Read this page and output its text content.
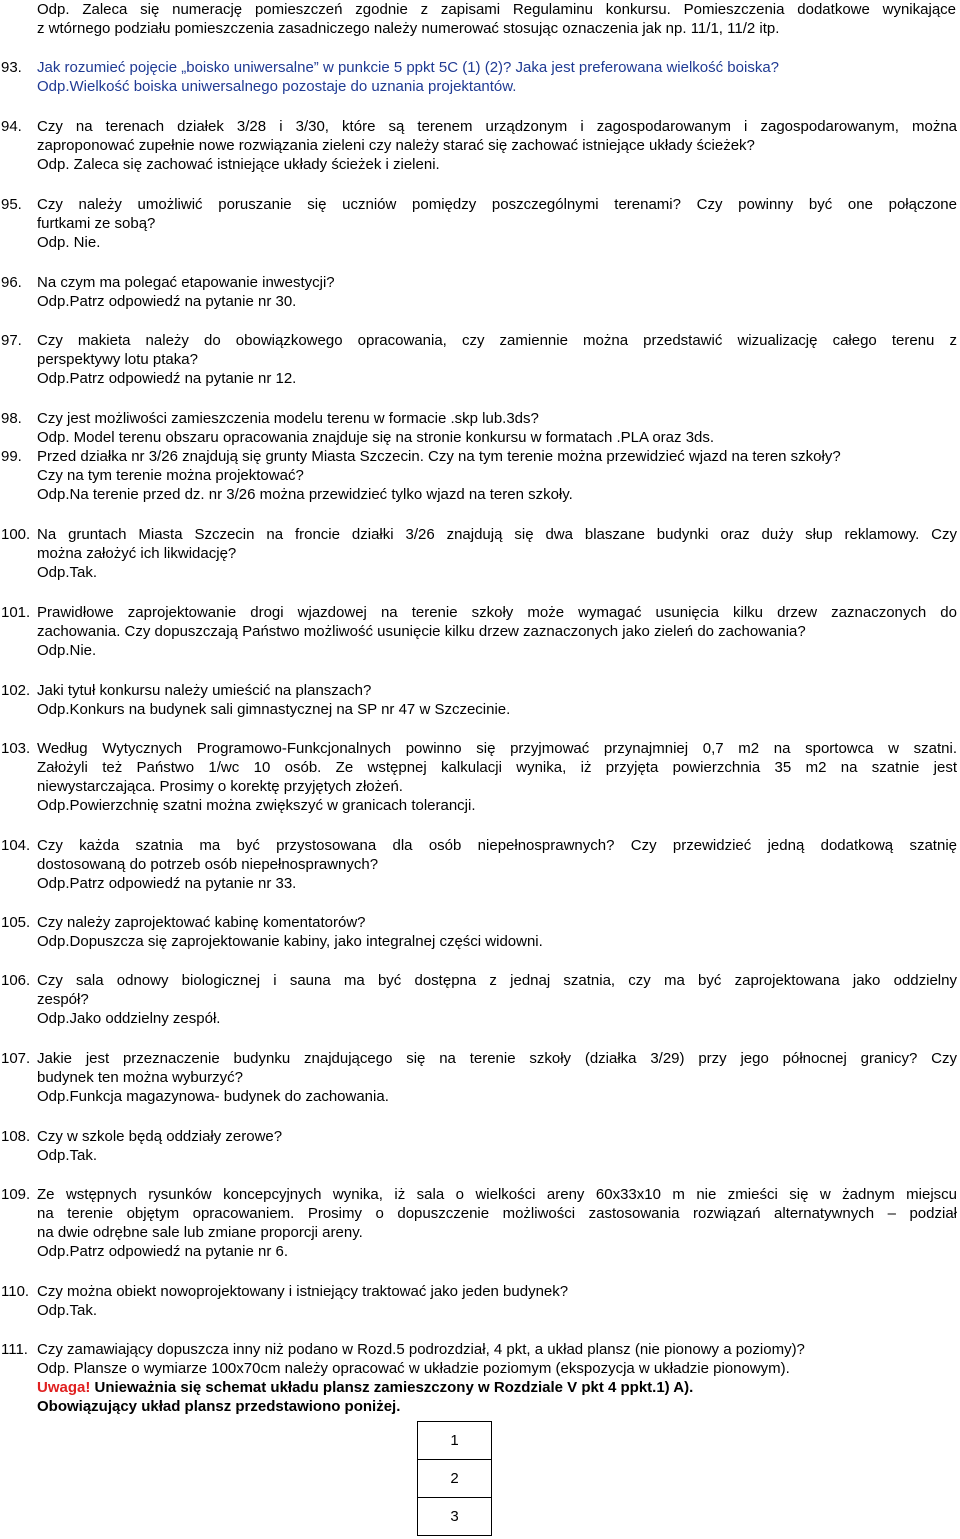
Odp. Zaleca się numerację pomieszczeń zgodnie z zapisami Regulaminu konkursu. Pomieszczenia dodatkowe wynikające
z wtórnego podziału pomieszczenia zasadniczego należy numerować stosując oznaczenia jak np. 11/1, 11/2 itp.
93. Jak rozumieć pojęcie „boisko uniwersalne” w punkcie 5 ppkt 5C (1) (2)? Jaka jest preferowana wielkość boiska?
Odp.Wielkość boiska uniwersalnego pozostaje do uznania projektantów.
94. Czy na terenach działek 3/28 i 3/30, które są terenem urządzonym i zagospodarowanym i zagospodarowanym, można
zaproponować zupełnie nowe rozwiązania zieleni czy należy starać się zachować istniejące układy ścieżek?
Odp. Zaleca się zachować istniejące układy ścieżek i zieleni.
95. Czy należy umożliwić poruszanie się uczniów pomiędzy poszczególnymi terenami? Czy powinny być one połączone
furtkami ze sobą?
Odp. Nie.
96. Na czym ma polegać etapowanie inwestycji?
Odp.Patrz odpowiedź na pytanie nr 30.
97. Czy makieta należy do obowiązkowego opracowania, czy zamiennie można przedstawić wizualizację całego terenu z
perspektywy lotu ptaka?
Odp.Patrz odpowiedź na pytanie nr 12.
98. Czy jest możliwości zamieszczenia modelu terenu w formacie .skp lub.3ds?
Odp. Model terenu obszaru opracowania znajduje się na stronie konkursu w formatach .PLA oraz 3ds.
99. Przed działka nr 3/26 znajdują się grunty Miasta Szczecin. Czy na tym terenie można przewidzieć wjazd na teren szkoły?
Czy na tym terenie można projektować?
Odp.Na terenie przed dz. nr 3/26 można przewidzieć tylko wjazd na teren szkoły.
100. Na gruntach Miasta Szczecin na froncie działki 3/26 znajdują się dwa blaszane budynki oraz duży słup reklamowy. Czy
można założyć ich likwidację?
Odp.Tak.
101. Prawidłowe zaprojektowanie drogi wjazdowej na terenie szkoły może wymagać usunięcia kilku drzew zaznaczonych do
zachowania. Czy dopuszczają Państwo możliwość usunięcie kilku drzew zaznaczonych jako zieleń do zachowania?
Odp.Nie.
102. Jaki tytuł konkursu należy umieścić na planszach?
Odp.Konkurs na budynek sali gimnastycznej na SP nr 47 w Szczecinie.
103. Według Wytycznych Programowo-Funkcjonalnych powinno się przyjmować przynajmniej 0,7 m2 na sportowca w szatni.
Założyli też Państwo 1/wc 10 osób. Ze wstępnej kalkulacji wynika, iż przyjęta powierzchnia 35 m2 na szatnie jest
niewystarczająca. Prosimy o korektę przyjętych złożeń.
Odp.Powierzchnię szatni można zwiększyć w granicach tolerancji.
104. Czy każda szatnia ma być przystosowana dla osób niepełnosprawnych? Czy przewidzieć jedną dodatkową szatnię
dostosowaną do potrzeb osób niepełnosprawnych?
Odp.Patrz odpowiedź na pytanie nr 33.
105. Czy należy zaprojektować kabinę komentatorów?
Odp.Dopuszcza się zaprojektowanie kabiny, jako integralnej części widowni.
106. Czy sala odnowy biologicznej i sauna ma być dostępna z jednaj szatnia, czy ma być zaprojektowana jako oddzielny
zespół?
Odp.Jako oddzielny zespół.
107. Jakie jest przeznaczenie budynku znajdującego się na terenie szkoły (działka 3/29) przy jego północnej granicy? Czy
budynek ten można wyburzyć?
Odp.Funkcja magazynowa- budynek do zachowania.
108. Czy w szkole będą oddziały zerowe?
Odp.Tak.
109. Ze wstępnych rysunków koncepcyjnych wynika, iż sala o wielkości areny 60x33x10 m nie zmieści się w żadnym miejscu
na terenie objętym opracowaniem. Prosimy o dopuszczenie możliwości zastosowania rozwiązań alternatywnych – podział
na dwie odrębne sale lub zmiane proporcji areny.
Odp.Patrz odpowiedź na pytanie nr 6.
110. Czy można obiekt nowoprojektowany i istniejący traktować jako jeden budynek?
Odp.Tak.
111. Czy zamawiający dopuszcza inny niż podano w Rozd.5 podrozdział, 4 pkt, a układ plansz (nie pionowy a poziomy)?
Odp. Plansze o wymiarze 100x70cm należy opracować w układzie poziomym (ekspozycja w układzie pionowym).
Uwaga! Unieważnia się schemat układu plansz zamieszczony w Rozdziale V pkt 4 ppkt.1) A).
Obowiązujący układ plansz przedstawiono poniżej.
1
2
3
